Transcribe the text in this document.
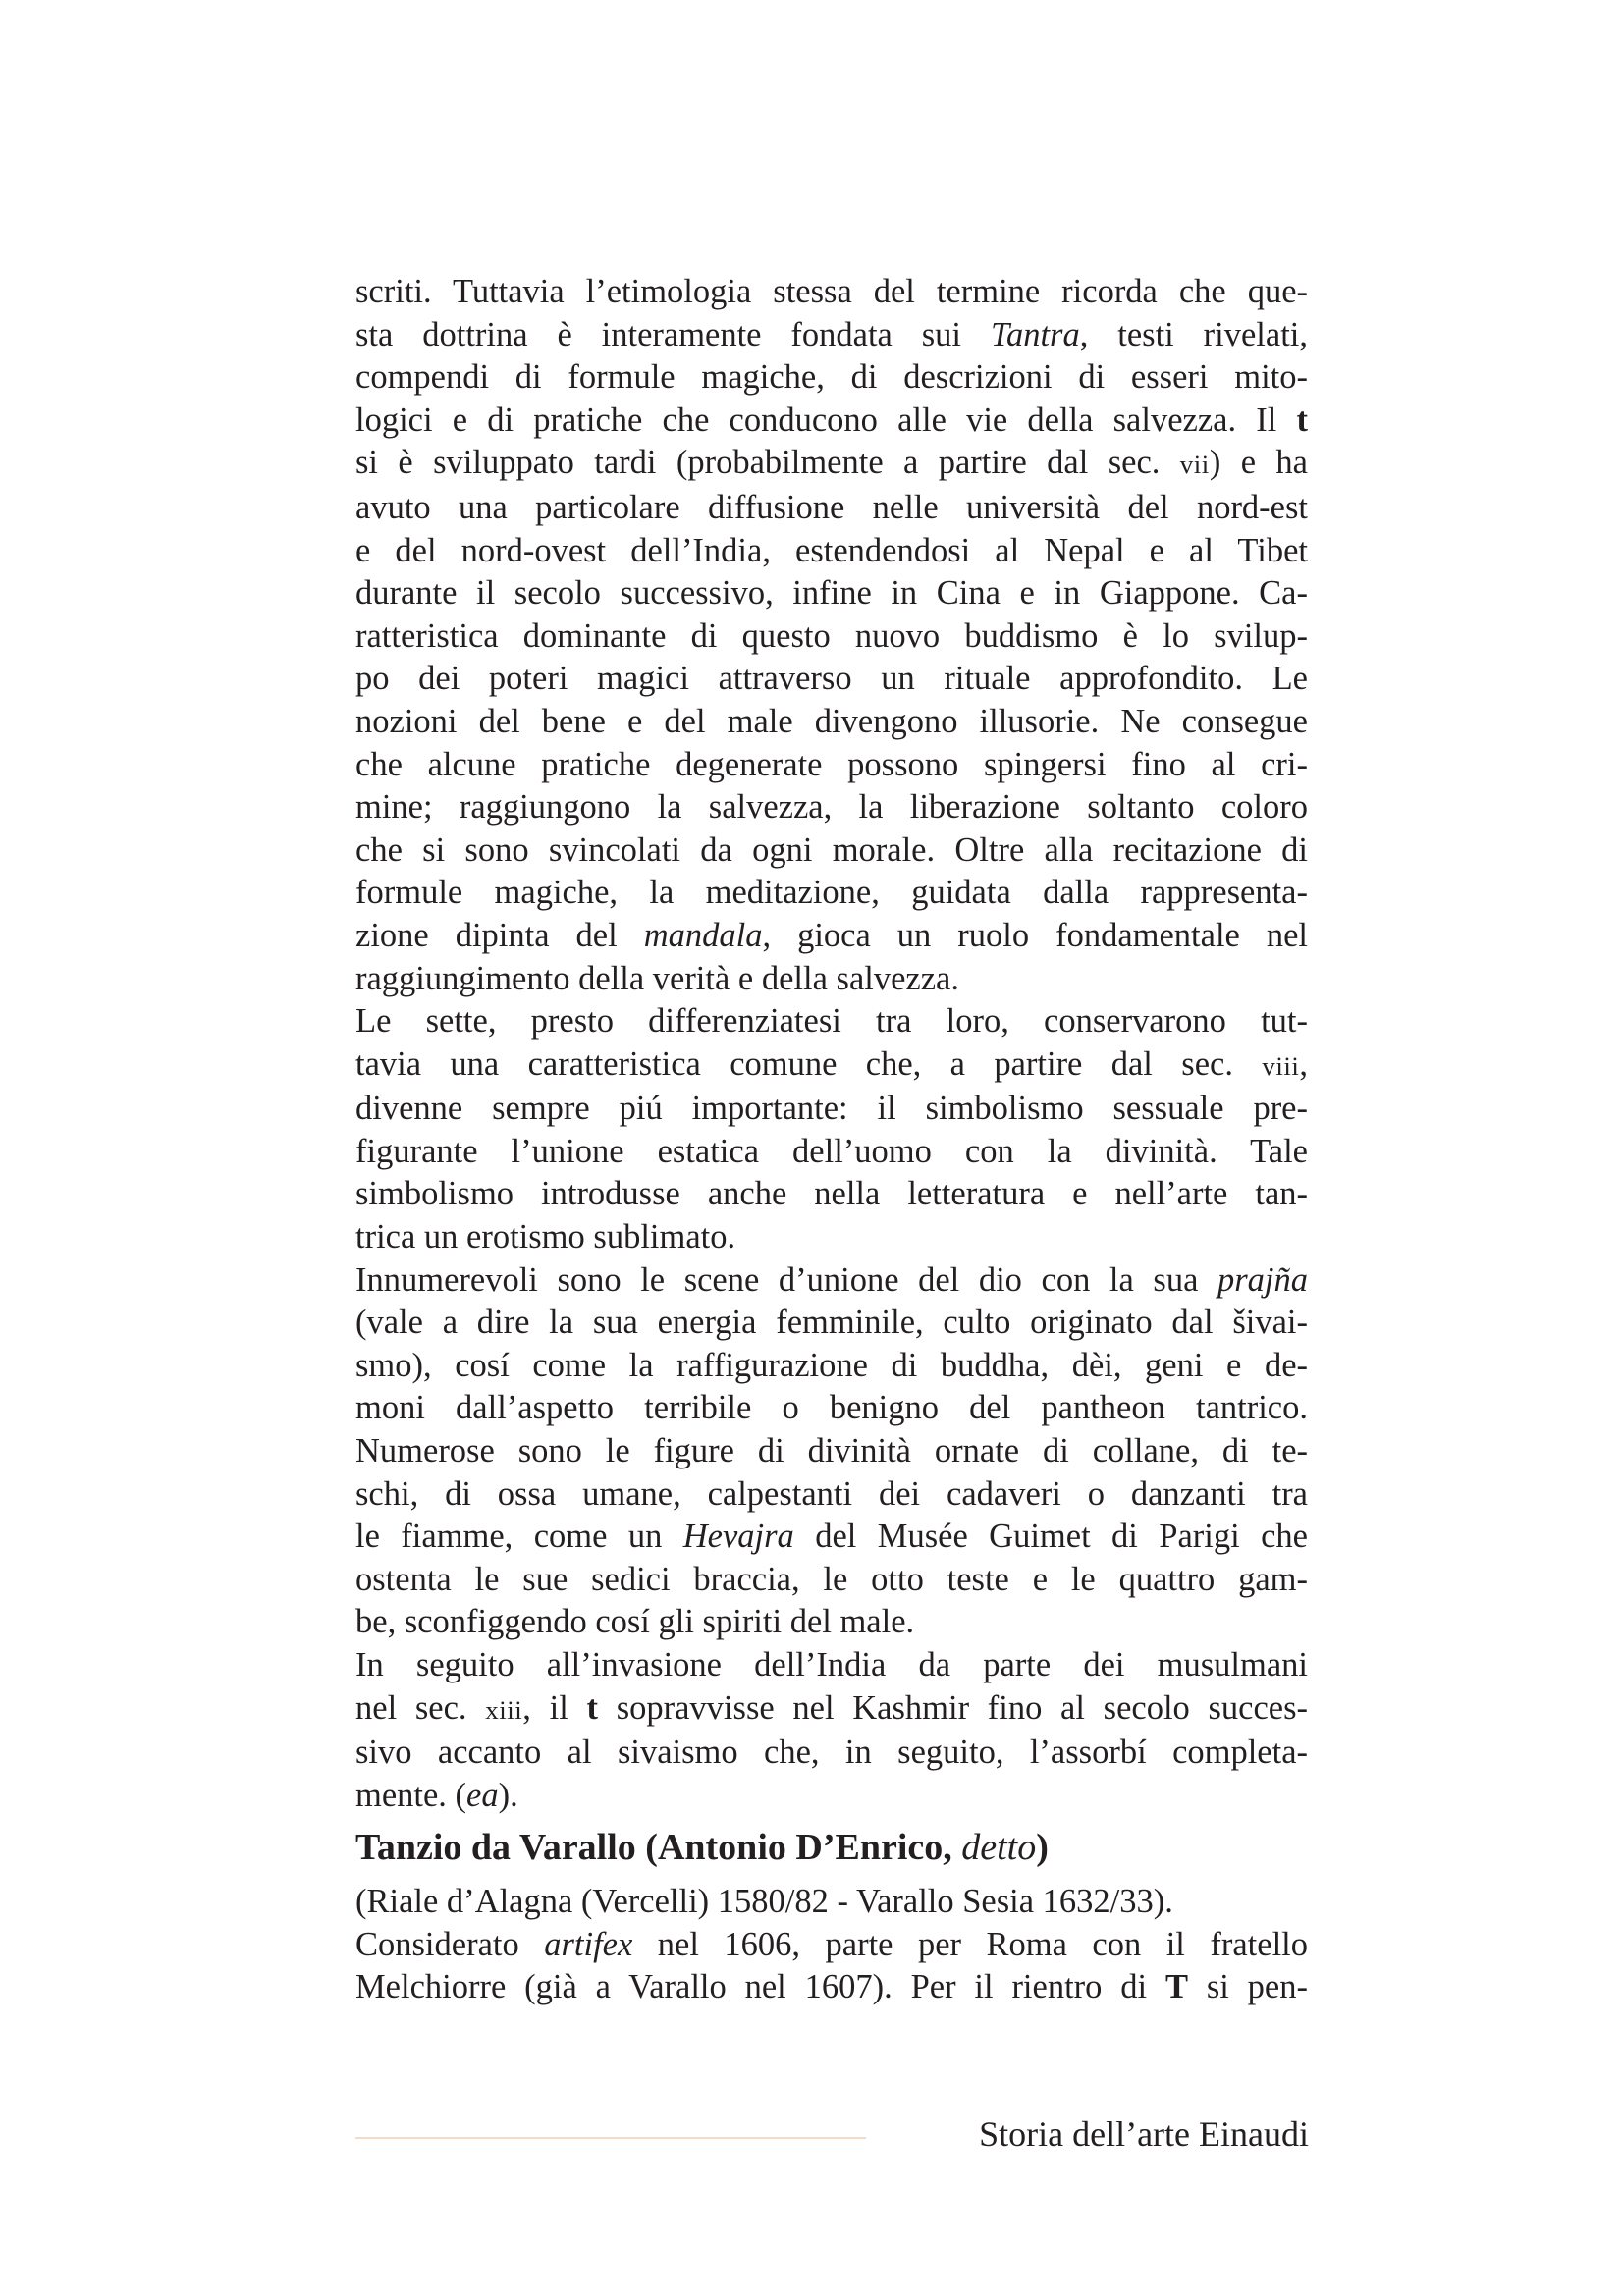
scriti. Tuttavia l’etimologia stessa del termine ricorda che que-
sta dottrina è interamente fondata sui Tantra, testi rivelati,
compendi di formule magiche, di descrizioni di esseri mito-
logici e di pratiche che conducono alle vie della salvezza. Il t
si è sviluppato tardi (probabilmente a partire dal sec. vii) e ha
avuto una particolare diffusione nelle università del nord-est
e del nord-ovest dell’India, estendendosi al Nepal e al Tibet
durante il secolo successivo, infine in Cina e in Giappone. Ca-
ratteristica dominante di questo nuovo buddismo è lo svilup-
po dei poteri magici attraverso un rituale approfondito. Le
nozioni del bene e del male divengono illusorie. Ne consegue
che alcune pratiche degenerate possono spingersi fino al cri-
mine; raggiungono la salvezza, la liberazione soltanto coloro
che si sono svincolati da ogni morale. Oltre alla recitazione di
formule magiche, la meditazione, guidata dalla rappresenta-
zione dipinta del mandala, gioca un ruolo fondamentale nel
raggiungimento della verità e della salvezza.
Le sette, presto differenziatesi tra loro, conservarono tut-
tavia una caratteristica comune che, a partire dal sec. viii,
divenne sempre piú importante: il simbolismo sessuale pre-
figurante l’unione estatica dell’uomo con la divinità. Tale
simbolismo introdusse anche nella letteratura e nell’arte tan-
trica un erotismo sublimato.
Innumerevoli sono le scene d’unione del dio con la sua prajña
(vale a dire la sua energia femminile, culto originato dal šivai-
smo), cosí come la raffigurazione di buddha, dèi, geni e de-
moni dall’aspetto terribile o benigno del pantheon tantrico.
Numerose sono le figure di divinità ornate di collane, di te-
schi, di ossa umane, calpestanti dei cadaveri o danzanti tra
le fiamme, come un Hevajra del Musée Guimet di Parigi che
ostenta le sue sedici braccia, le otto teste e le quattro gam-
be, sconfiggendo cosí gli spiriti del male.
In seguito all’invasione dell’India da parte dei musulmani
nel sec. xiii, il t sopravvisse nel Kashmir fino al secolo succes-
sivo accanto al sivaismo che, in seguito, l’assorbí completa-
mente. (ea).
Tanzio da Varallo (Antonio D’Enrico, detto)
(Riale d’Alagna (Vercelli) 1580/82 - Varallo Sesia 1632/33).
Considerato artifex nel 1606, parte per Roma con il fratello
Melchiorre (già a Varallo nel 1607). Per il rientro di T si pen-
Storia dell’arte Einaudi
